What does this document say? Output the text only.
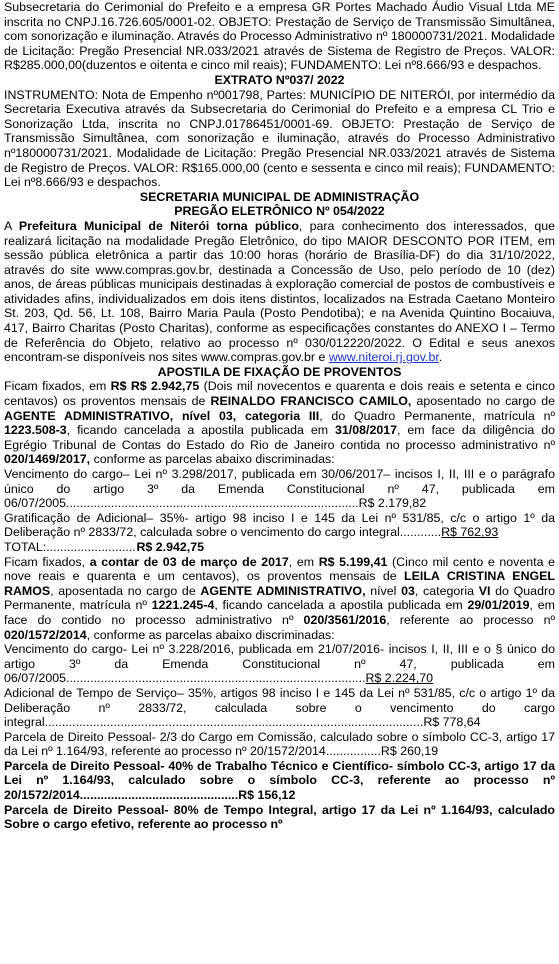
Subsecretaria do Cerimonial do Prefeito e a empresa GR Portes Machado Áudio Visual Ltda ME inscrita no CNPJ.16.726.605/0001-02. OBJETO: Prestação de Serviço de Transmissão Simultânea, com sonorização e iluminação. Através do Processo Administrativo nº 180000731/2021. Modalidade de Licitação: Pregão Presencial NR.033/2021 através de Sistema de Registro de Preços. VALOR: R$285.000,00(duzentos e oitenta e cinco mil reais); FUNDAMENTO: Lei nº8.666/93 e despachos.

EXTRATO Nº037/ 2022

INSTRUMENTO: Nota de Empenho nº001798, Partes: MUNICÍPIO DE NITERÓI, por intermédio da Secretaria Executiva através da Subsecretaria do Cerimonial do Prefeito e a empresa CL Trio e Sonorização Ltda, inscrita no CNPJ.01786451/0001-69. OBJETO: Prestação de Serviço de Transmissão Simultânea, com sonorização e iluminação, através do Processo Administrativo nº180000731/2021. Modalidade de Licitação: Pregão Presencial NR.033/2021 através de Sistema de Registro de Preços. VALOR: R$165.000,00 (cento e sessenta e cinco mil reais); FUNDAMENTO: Lei nº8.666/93 e despachos.

SECRETARIA MUNICIPAL DE ADMINISTRAÇÃO

PREGÃO ELETRÔNICO Nº 054/2022

A Prefeitura Municipal de Niterói torna público, para conhecimento dos interessados, que realizará licitação na modalidade Pregão Eletrônico, do tipo MAIOR DESCONTO POR ITEM, em sessão pública eletrônica a partir das 10:00 horas (horário de Brasília-DF) do dia 31/10/2022, através do site www.compras.gov.br, destinada a Concessão de Uso, pelo período de 10 (dez) anos, de áreas públicas municipais destinadas à exploração comercial de postos de combustíveis e atividades afins, individualizados em dois itens distintos, localizados na Estrada Caetano Monteiro St. 203, Qd. 56, Lt. 108, Bairro Maria Paula (Posto Pendotiba); e na Avenida Quintino Bocaiuva, 417, Bairro Charitas (Posto Charitas), conforme as especificações constantes do ANEXO I – Termo de Referência do Objeto, relativo ao processo nº 030/012220/2022. O Edital e seus anexos encontram-se disponíveis nos sites www.compras.gov.br e www.niteroi.rj.gov.br.

APOSTILA DE FIXAÇÃO DE PROVENTOS

Ficam fixados, em R$ R$ 2.942,75 (Dois mil novecentos e quarenta e dois reais e setenta e cinco centavos) os proventos mensais de REINALDO FRANCISCO CAMILO, aposentado no cargo de AGENTE ADMINISTRATIVO, nível 03, categoria III, do Quadro Permanente, matrícula nº 1223.508-3, ficando cancelada a apostila publicada em 31/08/2017, em face da diligência do Egrégio Tribunal de Contas do Estado do Rio de Janeiro contida no processo administrativo nº 020/1469/2017, conforme as parcelas abaixo discriminadas:

Vencimento do cargo– Lei nº 3.298/2017, publicada em 30/06/2017– incisos I, II, III e o parágrafo único do artigo 3º da Emenda Constitucional nº 47, publicada em 06/07/2005.....................................................................................R$ 2.179,82

Gratificação de Adicional– 35%- artigo 98 inciso I e 145 da Lei nº 531/85, c/c o artigo 1º da Deliberação nº 2833/72, calculada sobre o vencimento do cargo integral............R$ 762,93

TOTAL:
.....	R$ 2.942,75

Ficam fixados, a contar de 03 de março de 2017, em R$ 5.199,41 (Cinco mil cento e noventa e nove reais e quarenta e um centavos), os proventos mensais de LEILA CRISTINA ENGEL RAMOS, aposentada no cargo de AGENTE ADMINISTRATIVO, nível 03, categoria VI do Quadro Permanente, matrícula nº 1221.245-4, ficando cancelada a apostila publicada em 29/01/2019, em face do contido no processo administrativo nº 020/3561/2016, referente ao processo nº 020/1572/2014, conforme as parcelas abaixo discriminadas:

Vencimento do cargo- Lei nº 3.228/2016, publicada em 21/07/2016- incisos I, II, III e o § único do artigo 3º da Emenda Constitucional nº 47, publicada em 06/07/2005.......................................................................................R$ 2.224,70

Adicional de Tempo de Serviço– 35%, artigos 98 inciso I e 145 da Lei nº 531/85, c/c o artigo 1º da Deliberação nº 2833/72, calculada sobre o vencimento do cargo integral..............................................................................................................R$ 778,64

Parcela de Direito Pessoal- 2/3 do Cargo em Comissão, calculado sobre o símbolo CC-3, artigo 17 da Lei nº 1.164/93, referente ao processo nº 20/1572/2014................R$ 260,19

Parcela de Direito Pessoal- 40% de Trabalho Técnico e Científico- símbolo CC-3, artigo 17 da Lei nº 1.164/93, calculado sobre o símbolo CC-3, referente ao processo nº 20/1572/2014..............................................R$ 156,12

Parcela de Direito Pessoal- 80% de Tempo Integral, artigo 17 da Lei nº 1.164/93, calculado Sobre o cargo efetivo, referente ao processo nº
